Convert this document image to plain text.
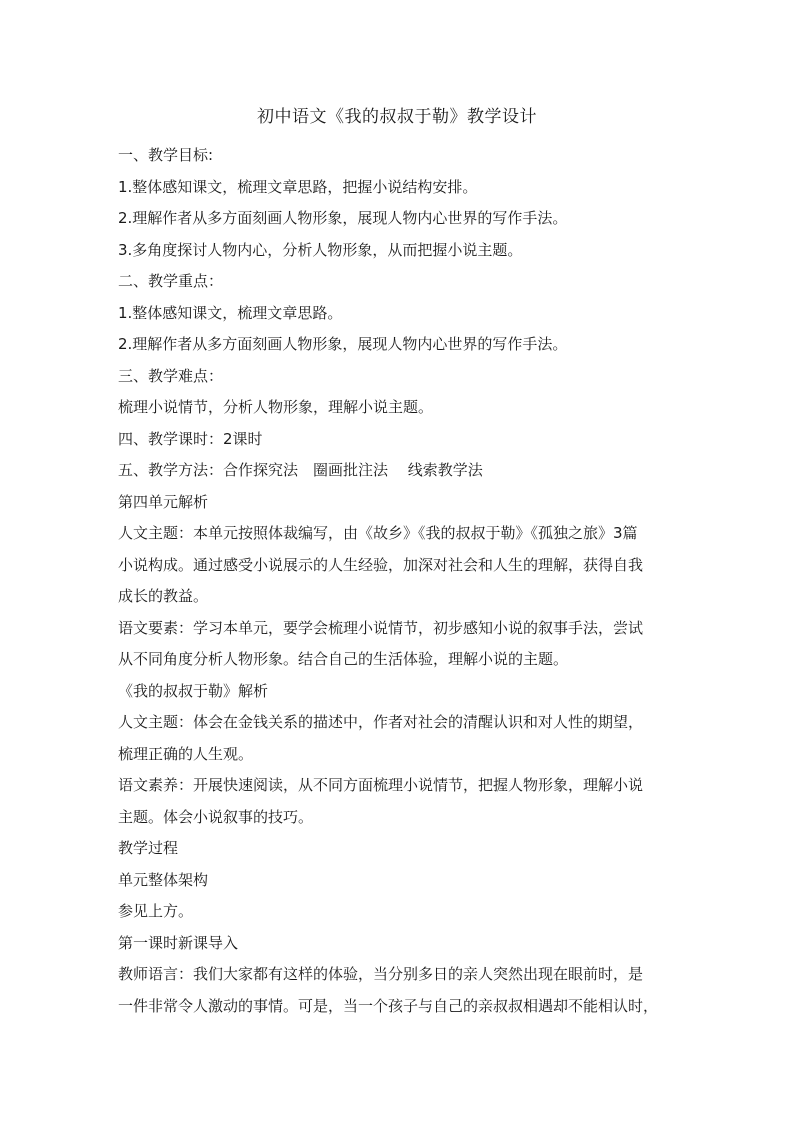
初中语文《我的叔叔于勒》教学设计
一、教学目标:
1.整体感知课文，梳理文章思路，把握小说结构安排。
2.理解作者从多方面刻画人物形象，展现人物内心世界的写作手法。
3.多角度探讨人物内心，分析人物形象，从而把握小说主题。
二、教学重点：
1.整体感知课文，梳理文章思路。
2.理解作者从多方面刻画人物形象，展现人物内心世界的写作手法。
三、教学难点：
梳理小说情节，分析人物形象，理解小说主题。
四、教学课时：2课时
五、教学方法：合作探究法　圈画批注法　 线索教学法
第四单元解析
人文主题：本单元按照体裁编写，由《故乡》《我的叔叔于勒》《孤独之旅》3篇
小说构成。通过感受小说展示的人生经验，加深对社会和人生的理解，获得自我
成长的教益。
语文要素：学习本单元，要学会梳理小说情节，初步感知小说的叙事手法，尝试
从不同角度分析人物形象。结合自己的生活体验，理解小说的主题。
《我的叔叔于勒》解析
人文主题：体会在金钱关系的描述中，作者对社会的清醒认识和对人性的期望，
梳理正确的人生观。
语文素养：开展快速阅读，从不同方面梳理小说情节，把握人物形象，理解小说
主题。体会小说叙事的技巧。
教学过程
单元整体架构
参见上方。
第一课时新课导入
教师语言：我们大家都有这样的体验，当分别多日的亲人突然出现在眼前时，是
一件非常令人激动的事情。可是，当一个孩子与自己的亲叔叔相遇却不能相认时，
